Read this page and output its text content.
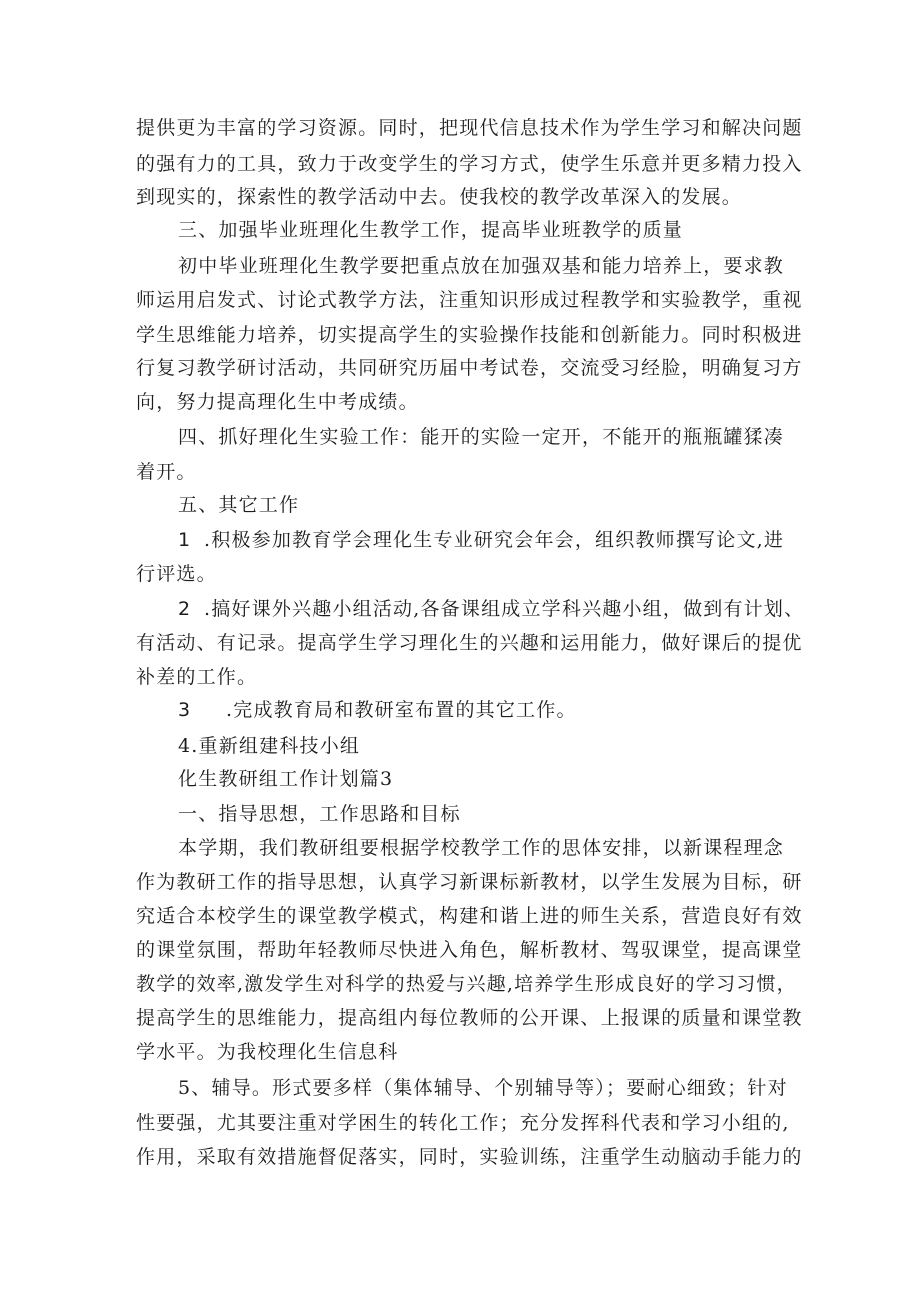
提供更为丰富的学习资源。同时，把现代信息技术作为学生学习和解决问题
的强有力的工具，致力于改变学生的学习方式，使学生乐意并更多精力投入
到现实的，探索性的教学活动中去。使我校的教学改革深入的发展。
三、加强毕业班理化生教学工作，提高毕业班教学的质量
初中毕业班理化生教学要把重点放在加强双基和能力培养上，要求教
师运用启发式、讨论式教学方法，注重知识形成过程教学和实验教学，重视
学生思维能力培养，切实提高学生的实验操作技能和创新能力。同时积极进
行复习教学研讨活动，共同研究历届中考试卷，交流受习经脸，明确复习方
向，努力提高理化生中考成绩。
四、抓好理化生实验工作：能开的实险一定开，不能开的瓶瓶罐猱凑
着开。
五、其它工作
1 .积极参加教育学会理化生专业研究会年会，组织教师撰写论文,进
行评选。
2 .搞好课外兴趣小组活动,各备课组成立学科兴趣小组，做到有计划、
有活动、有记录。提高学生学习理化生的兴趣和运用能力，做好课后的提优
补差的工作。
3 .完成教育局和教研室布置的其它工作。
4.重新组建科技小组
化生教研组工作计划篇3
一、指导思想，工作思路和目标
本学期，我们教研组要根据学校教学工作的思体安排，以新课程理念
作为教研工作的指导思想，认真学习新课标新教材，以学生发展为目标，研
究适合本校学生的课堂教学模式，构建和谐上进的师生关系，营造良好有效
的课堂氛围，帮助年轻教师尽快进入角色，解析教材、驾驭课堂，提高课堂
教学的效率,激发学生对科学的热爱与兴趣,培养学生形成良好的学习习惯，
提高学生的思维能力，提高组内每位教师的公开课、上报课的质量和课堂教
学水平。为我校理化生信息科
5、辅导。形式要多样（集体辅导、个别辅导等）；要耐心细致；针对
性要强，尤其要注重对学困生的转化工作；充分发挥科代表和学习小组的,
作用，采取有效措施督促落实，同时，实验训练，注重学生动脑动手能力的
